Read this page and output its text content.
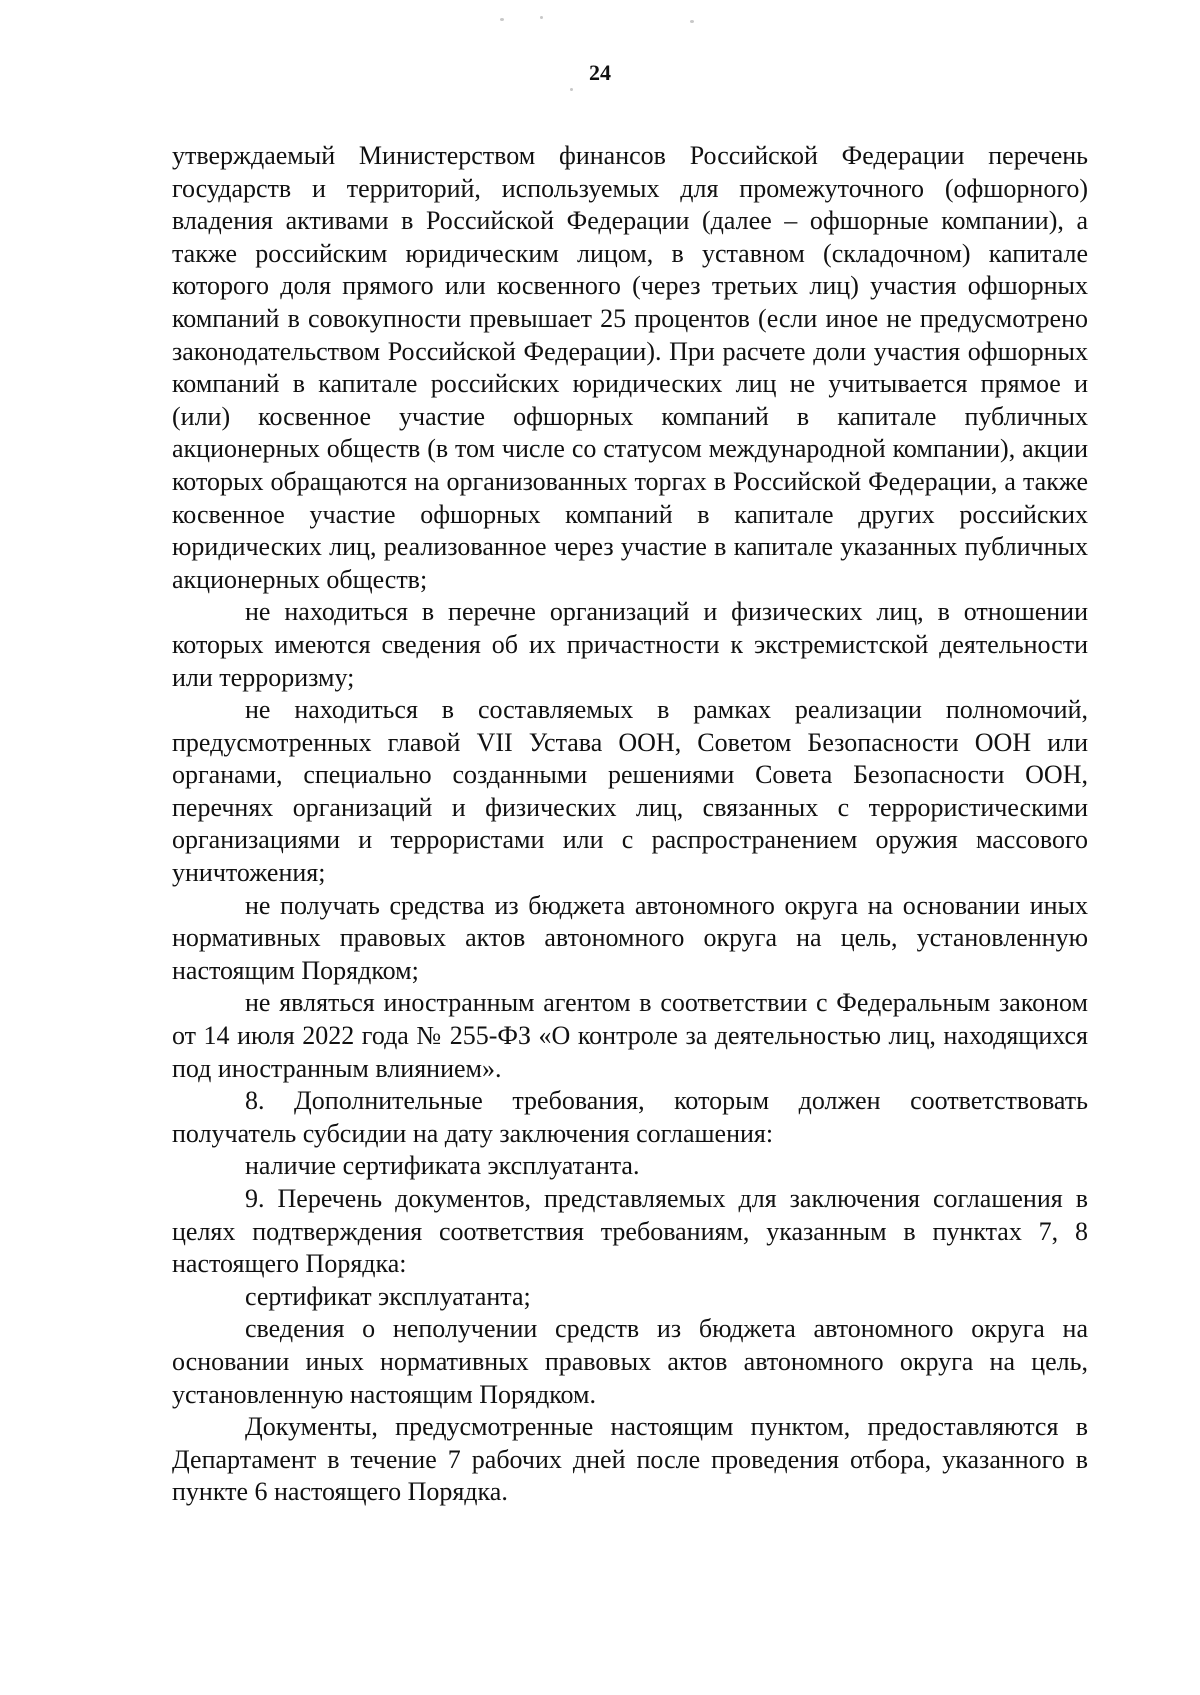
24

утверждаемый Министерством финансов Российской Федерации перечень государств и территорий, используемых для промежуточного (офшорного) владения активами в Российской Федерации (далее – офшорные компании), а также российским юридическим лицом, в уставном (складочном) капитале которого доля прямого или косвенного (через третьих лиц) участия офшорных компаний в совокупности превышает 25 процентов (если иное не предусмотрено законодательством Российской Федерации). При расчете доли участия офшорных компаний в капитале российских юридических лиц не учитывается прямое и (или) косвенное участие офшорных компаний в капитале публичных акционерных обществ (в том числе со статусом международной компании), акции которых обращаются на организованных торгах в Российской Федерации, а также косвенное участие офшорных компаний в капитале других российских юридических лиц, реализованное через участие в капитале указанных публичных акционерных обществ;

не находиться в перечне организаций и физических лиц, в отношении которых имеются сведения об их причастности к экстремистской деятельности или терроризму;

не находиться в составляемых в рамках реализации полномочий, предусмотренных главой VII Устава ООН, Советом Безопасности ООН или органами, специально созданными решениями Совета Безопасности ООН, перечнях организаций и физических лиц, связанных с террористическими организациями и террористами или с распространением оружия массового уничтожения;

не получать средства из бюджета автономного округа на основании иных нормативных правовых актов автономного округа на цель, установленную настоящим Порядком;

не являться иностранным агентом в соответствии с Федеральным законом от 14 июля 2022 года № 255-ФЗ «О контроле за деятельностью лиц, находящихся под иностранным влиянием».

8. Дополнительные требования, которым должен соответствовать получатель субсидии на дату заключения соглашения:

наличие сертификата эксплуатанта.

9. Перечень документов, представляемых для заключения соглашения в целях подтверждения соответствия требованиям, указанным в пунктах 7, 8 настоящего Порядка:

сертификат эксплуатанта;

сведения о неполучении средств из бюджета автономного округа на основании иных нормативных правовых актов автономного округа на цель, установленную настоящим Порядком.

Документы, предусмотренные настоящим пунктом, предоставляются в Департамент в течение 7 рабочих дней после проведения отбора, указанного в пункте 6 настоящего Порядка.
